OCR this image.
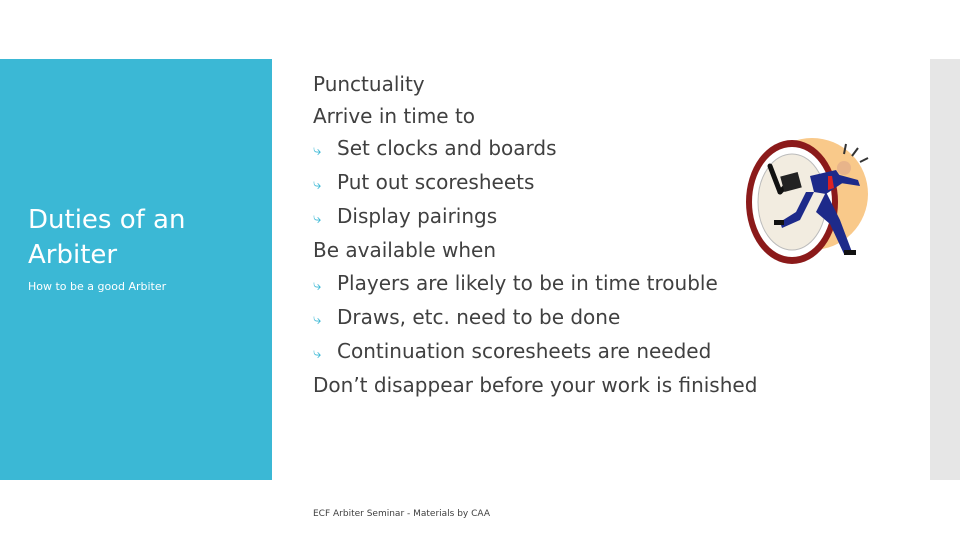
Duties of an Arbiter
How to be a good Arbiter
Punctuality
Arrive in time to
⤷ Set clocks and boards
⤷ Put out scoresheets
⤷ Display pairings
Be available when
⤷ Players are likely to be in time trouble
⤷ Draws, etc. need to be done
⤷ Continuation scoresheets are needed
Don’t disappear before your work is finished
ECF Arbiter Seminar - Materials by CAA
